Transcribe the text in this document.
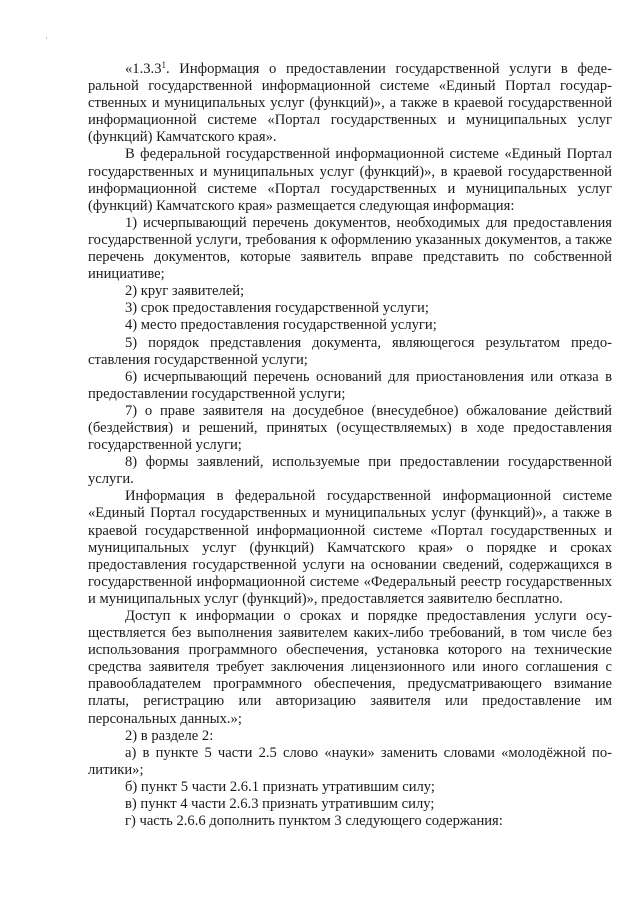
«1.3.3$^1$. Информация о предоставлении государственной услуги в федеральной государственной информационной системе «Единый Портал государственных и муниципальных услуг (функций)», а также в краевой государственной информационной системе «Портал государственных и муниципальных услуг (функций) Камчатского края».

В федеральной государственной информационной системе «Единый Портал государственных и муниципальных услуг (функций)», в краевой государственной информационной системе «Портал государственных и муниципальных услуг (функций) Камчатского края» размещается следующая информация:

1) исчерпывающий перечень документов, необходимых для предоставления государственной услуги, требования к оформлению указанных документов, а также перечень документов, которые заявитель вправе представить по собственной инициативе;

2) круг заявителей;

3) срок предоставления государственной услуги;

4) место предоставления государственной услуги;

5) порядок представления документа, являющегося результатом предоставления государственной услуги;

6) исчерпывающий перечень оснований для приостановления или отказа в предоставлении государственной услуги;

7) о праве заявителя на досудебное (внесудебное) обжалование действий (бездействия) и решений, принятых (осуществляемых) в ходе предоставления государственной услуги;

8) формы заявлений, используемые при предоставлении государственной услуги.

Информация в федеральной государственной информационной системе «Единый Портал государственных и муниципальных услуг (функций)», а также в краевой государственной информационной системе «Портал государственных и муниципальных услуг (функций) Камчатского края» о порядке и сроках предоставления государственной услуги на основании сведений, содержащихся в государственной информационной системе «Федеральный реестр государственных и муниципальных услуг (функций)», предоставляется заявителю бесплатно.

Доступ к информации о сроках и порядке предоставления услуги осуществляется без выполнения заявителем каких-либо требований, в том числе без использования программного обеспечения, установка которого на технические средства заявителя требует заключения лицензионного или иного соглашения с правообладателем программного обеспечения, предусматривающего взимание платы, регистрацию или авторизацию заявителя или предоставление им персональных данных.»;

2) в разделе 2:

а) в пункте 5 части 2.5 слово «науки» заменить словами «молодёжной политики»;

б) пункт 5 части 2.6.1 признать утратившим силу;

в) пункт 4 части 2.6.3 признать утратившим силу;

г) часть 2.6.6 дополнить пунктом 3 следующего содержания:
